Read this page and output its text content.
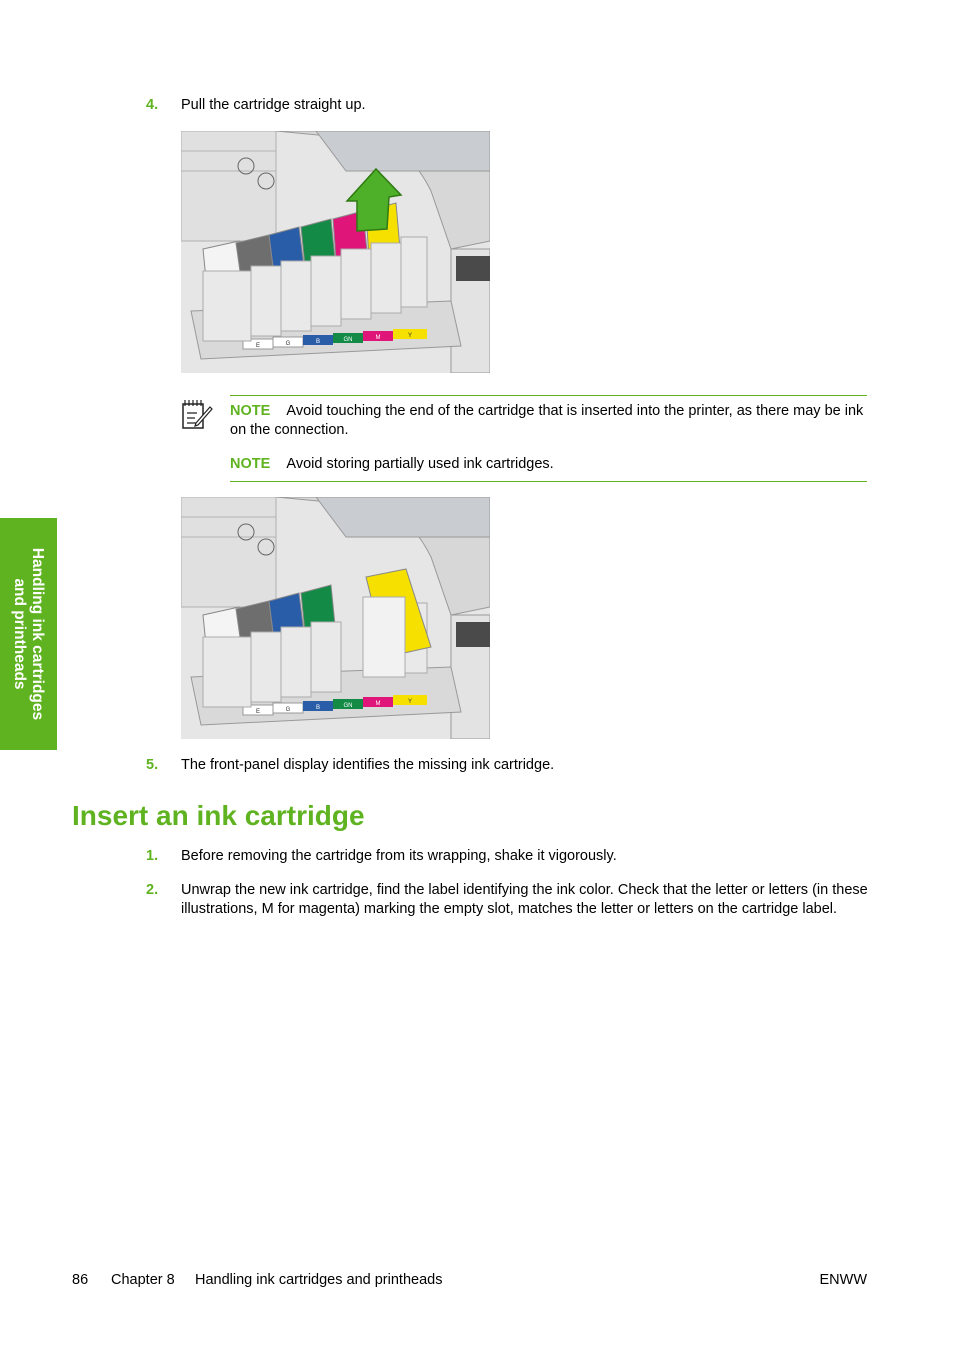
Handling ink cartridges
and printheads
4. Pull the cartridge straight up.
E	G	B	GN	M	Y
NOTE Avoid touching the end of the cartridge that is inserted into the printer, as there may be ink on the connection.
NOTE Avoid storing partially used ink cartridges.
E	G	B	GN	M	Y
5. The front-panel display identifies the missing ink cartridge.
Insert an ink cartridge
1. Before removing the cartridge from its wrapping, shake it vigorously.
2. Unwrap the new ink cartridge, find the label identifying the ink color. Check that the letter or letters (in these illustrations, M for magenta) marking the empty slot, matches the letter or letters on the cartridge label.
86 Chapter 8 Handling ink cartridges and printheads	ENWW
